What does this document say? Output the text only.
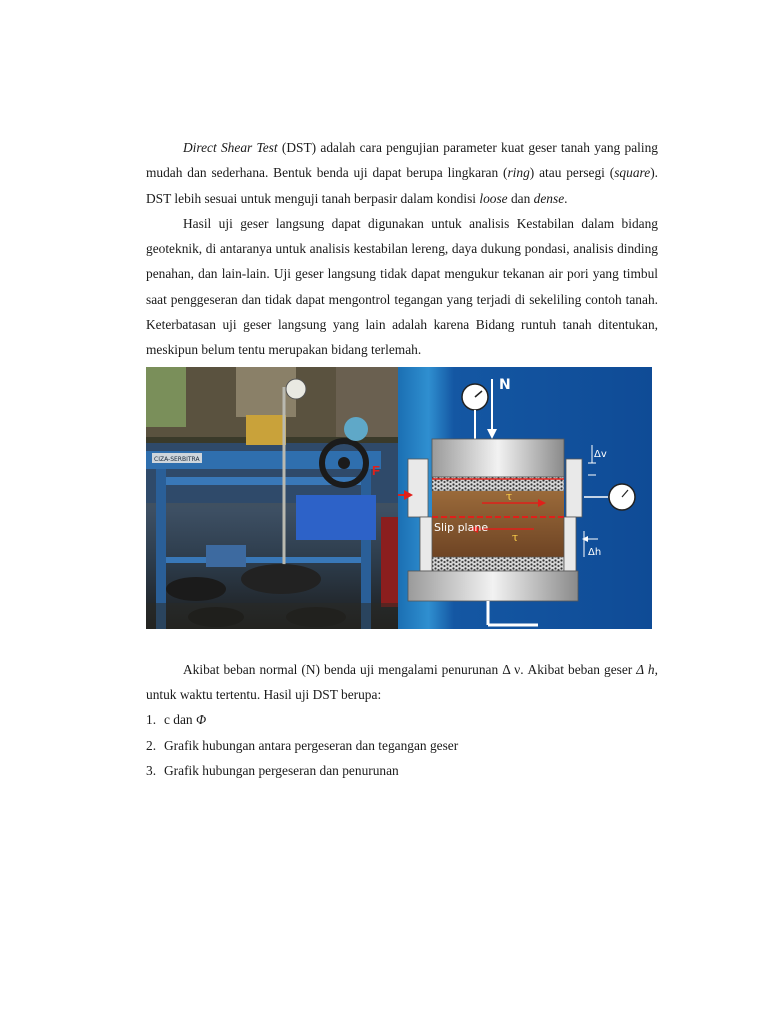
Direct Shear Test (DST) adalah cara pengujian parameter kuat geser tanah yang paling mudah dan sederhana. Bentuk benda uji dapat berupa lingkaran (ring) atau persegi (square). DST lebih sesuai untuk menguji tanah berpasir dalam kondisi loose dan dense.

Hasil uji geser langsung dapat digunakan untuk analisis Kestabilan dalam bidang geoteknik, di antaranya untuk analisis kestabilan lereng, daya dukung pondasi, analisis dinding penahan, dan lain-lain. Uji geser langsung tidak dapat mengukur tekanan air pori yang timbul saat penggeseran dan tidak dapat mengontrol tegangan yang terjadi di sekeliling contoh tanah. Keterbatasan uji geser langsung yang lain adalah karena Bidang runtuh tanah ditentukan, meskipun belum tentu merupakan bidang terlemah.

CIZA-SERBITRA
N
τ
τ
Slip plane
Δv
Δh
F

Akibat beban normal (N) benda uji mengalami penurunan Δ ν. Akibat beban geser Δ h, untuk waktu tertentu. Hasil uji DST berupa:

1. c dan Φ
2. Grafik hubungan antara pergeseran dan tegangan geser
3. Grafik hubungan pergeseran dan penurunan
